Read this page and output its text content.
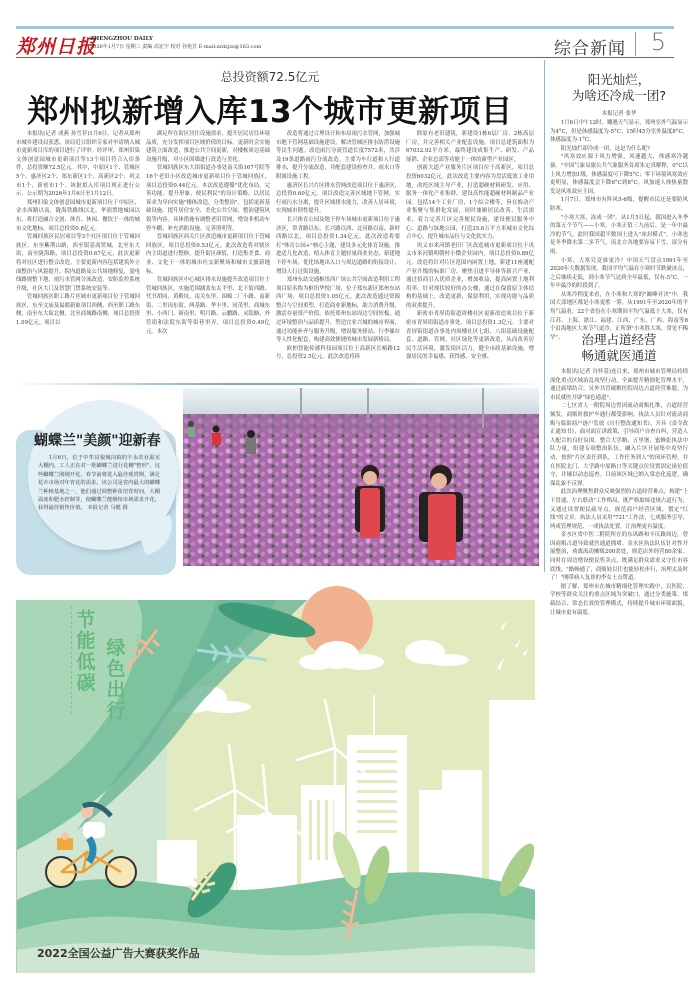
郑州日报
ZHENGZHOU DAILY
2026年1月7日 星期三 责编 高宏宇 校对 谷艳芳 E-mail:zzdzjzs@163.com	综合新闻 5
总投资额72.5亿元
郑州拟新增入库13个城市更新项目

本报讯(记者 成燕 孙雪菲)1月6日，记者从郑州市城乡建设局获悉，该局近日组织专家对申请纳入城市更新项目库的项目进行了评审。经评审，郑州旧染文体创意园城市更新项目等13个项目符合入库条件，总投资额72.5亿元。其中，中原区1个、管城区5个、惠济区2个、郑东新区1个、高新区2个、巩义市1个、新密市1个。该批拟入库项目现正进行公示，公示期为2026年1月6日至1月12日。

郑州旧染文体创意园城市更新项目位于中原区，金水西路以南，陇海铁路线以北，华润置地城园以东。将打造融合文创、体育、休闲、餐饮于一体的城市文化地标，项目总投资0.8亿元。

管城回族区民居项目等3个社区项目位于管城回族区，东至紫荆山路，西至银基商贸城，北至东大街，南至陇海路，项目总投资0.67亿元。此次更新将对社区进行整合改造。主要更新内容包括建筑外立面整治与风貌提升，院内道路及公共场地修复，弱电线路规整下地，雨污水管网分流改造，安防监控系统升级，社区大门及智慧门禁系统安装等。

管城回族区职工路片区城市更新项目位于管城回族区，东至文庙及福都新象项目西侧，西至职工路东侧，南至东大街北侧，北至商城路南侧，项目总投资1.09亿元。项目以

满足所在街区居住设施需求，提升居民居住环境品质，充分发挥项目区域价值的目标。更新时会实施建筑立面改造，推进公共空间更新，对楼栋周边基础设施升级，对小区围墙进行改造与美化。

管城回族区东大街街道办事处南关街167号院等16个老旧小区改造城市更新项目位于管城回族区，项目总投资0.44亿元。本次改造遵循"优化布局、完善功能、提升形象、便民利民"的设计策略，以居民诉求为导向实施"楼体改造、分类整治"。包括更新基础设施、提升居住安全、美化公共空间、整治建筑风貌等内容。具体措施有调整老旧管网，增设非机动车停车棚、补充消防设施、完善照明等。

管城回族区西关片区改造城市更新项目位于管城回族区，项目总投资0.53亿元。此次改造将对辖区内主街道进行整修，提升街区颜值，打造集美食、商业、文化于一体的城市社交新聚场和城市文旅新地标。

管城回族区中心城区排水设施提升改造项目位于管城回族区，实施范围涵盖东太平里、北下街西路、代书胡同、黄殿坑、南关东里、围棉二厂小路、南新街、二里岗东街、两基路、华丰里、同茂里、商城东里、小西门、新南里、明月路、云鹏路、灵隐路、外管街和法院东街等街巷里弄，项目总投资0.49亿元。本次

改造将通过合理设计和布局雨污水管网，加强城市地下管网基础设施建设，解决管城区排水防涝设施等民生问题。改造雨污分流管道长度7572米，共涉及19条道路雨污分流改造。主要为车行道和人行道排水，提升分流改造，并配套建设检查井、雨水口等附属设施工程。

惠济区长兴片区排水管网改造项目位于惠济区，总投资0.60亿元。项目改造完善区域地下管网，实行雨污水分离，提升区域排水能力，改善人居环境，实现城市韧性提升。

长兴体育公园及地下停车场城市更新项目位于惠济区，常青路以东、长兴路以西、北河路以南、新村西路以北，项目总投资1.34亿元。此次改造将要打"体育公园+"核心主题，建设多元化体育设施，推进适儿化改造，植入体育主题轻量商业业态，新建地下停车场，优化场地出入口与周边道路的衔接设计，增设人行过街设施。

郑州东站交通枢纽西广场公共空间改造利用工程项目原名称为枢纽华悦广场，位于郑东新区郑州东站西广场，项目总投资1.05亿元。此次改造通过资源整合与空间重塑，打造商业新地标，助力消费升级，激活存量资产价值，依托郑州东站周边空间短板，通过环境整治与品质提升，塑造宜业兴城的城市界面，通过功能补齐与服务升级，增设服务驿站、行李储存等人性化配套，构建高效便捷的城市发展新格局。

欧柏智能传感科技园项目位于高新区长椿路12号，总投资2.5亿元。此次改造将拆

除原有老旧建筑，新建设1栋6层厂房、2栋高层厂房，并完善相关产业配套设施，项目总建筑面积为67032.92平方米。最终建设成集生产、研发、产品展销、企业总部等功能于一体的新型产业园区。

创新大道产业服务片区项目位于高新区，项目总投资6032亿元。此次改造主要内容为盘活低效工业用地，改托区域主导产业，打造超硬材料研发、应用、服务一体化产业集群，建设高性能超硬材料制品产业园。包括14个工业厂房、1个综合楼等，旨在推动产业集聚与集群化发展，同时兼顾居民改善、生活需求，着力完善片区完善便民设施，建设便民服务中心、道路与绿地公园，打造35.6万平方米城市文化综合中心，提升城市品位与文化软实力。

巩义市米河镇老旧厂区改造城市更新项目位于巩义市米河镇明朝村小微企业园内，项目总投资0.89亿元。改造将针对片区范围内闲置土地，新建11座通配产业升级的标准厂房，聚焦引进半导体等新兴产业，通过招商引入优质企业，增加收益，提高闲置土地利用率。针对现状较好的办公楼，通过在保留原主体结构的基础上，改造更新，保留利用，实现功能与品质的双重提升。

新密市青屏街街道周楼社区更新改造项目位于新密市青屏街街道办事处，项目总投资1.3亿元。主要对青屏街街道办事处内周楼社区七组、八组基础设施配套、道路、管网、社区绿化等更新改造，从而改善居民生活环境，激发街区活力，健全市政基础设施，增强居民的幸福感、获得感、安全感。

阳光灿烂，
为啥还冷成一团?
本报记者 张华

1月6日中午12时，雕遇天气显示，郑州室外气温显示为4°C，但是体感温度为-5°C；15时45分室外温度8°C，体感温度为-1°C。

阳光灿烂却冷成一团，这是为什么呢?

"风寒效应源于风力增强，风速越大，体感寒冷越强。"中国气象局旅公共气象服务首席朱定真解释，0°C以上风力增加1级，体感温度可下降5°C；零下环境风寒效应更明显，体感温度会下降6°C到8°C。风加速人体热量散发是风寒效应主因。

1月7日，郑州市有阵风5-6级，提醒市民还是要防风防寒。

"小寒大寒，冻成一团"。从1月5日起，我国进入冬季的第五个节气——小寒。小寒正值三九前后，是一年中最冷的节气，此时我国超半数国土进入"冰封模式"。小寒也是冬季降水第二多节气，南北方各地要容易下雪，部分有雨。

小寒、大寒究竟谁更冷？中国天气盘点1991年至2020年大数据发现，我国平均气温在小寒时节跌破冰点，之后继续走低，到小寒节气达到全年最低，仅有-5°C，一年中最冷的时段到了。

从寒冷程度来看，在小寒和大寒的"巅峰对决"中，我国大部地区都是小寒更胜一筹。从1991年至2020年的平均气温看，22个省份在小寒期间平均气温低于大寒，仅有江苏、上海、浙江、福建、江西、广东、广西、海南等8个沿海地区大寒节气更冷，正所谓"小寒胜大寒，常见不稀罕"。	治理占道经营
畅通就医通道

本报讯(记者 谷怀基)连日来，郑州市城市管理局持续深化重点区域治乱攻坚行动，全面提升精细化管理水平，通过疏堵结合，另外共管破解医院周边占道经营难题，为市民就医开辟"绿色通道"。

二七区省人一附院周边曾因流动商贩扎堆，占道经营频发，商贩时救护车通行都受影响。执法人员针对流动商贩与临街商户逐户发放《自行整改通知书》，开具《责令改正通知书》，面对面宣讲政策，引导商户自查自纠，营造人人配合的良好氛围。整合大学路、五里堡、蜜蜂张执法中队力量，组建专项整治队伍，融入片区开展集中攻坚行动，按照"片区责任到队，工作任务到人"的闭环管理，并在医院北门、大学路中原路口等关键点位设置固定岗位值守，并辅以动态巡查。目前该区域已纳入常态化巡逻，确保乱象不反弹。

此次治理聚焦群众反映强烈的占道经营难点，构建"上下贯通、左右联动"工作格局，既严格取缔违规占道行为，又通过设置便民疏导点，规范商户经营区域，划定"红线"的文章。执法人员采用"721"工作法，七成服务引导、两成管理规范、一成执法处置，让治理更有温度。

金水区省中医二附院所在的东风路和丰庆路周边，曾因商贩占道导致就医通道拥堵。金水区执法队伍针对性开展整治，劝离流动摊贩200余处，规范店外经营80余家。同时在周边增设便民售卖点，既满足群众需求又守住市容底线。"路畅通了，商贩较以往也能轻松步行，治理太及时了！"刚带病人复诊的李女士点赞道。

据了解，郑州市在城市精细化管理实践中，以医院、学校等群众关注的重点区域为突破口，通过分类施策、堵疏结合、常态长效的管理模式，持续提升城市环境面貌，让城市更有温度。

蝴蝶兰"美颜"迎新春
1月6日，位于中牟县狼城岗镇的丰永农业温室大棚内，工人正在对一批蝴蝶兰进行花穗"整形"，这些蝴蝶兰刚刚开花，春节前将进入最佳观赏期，满足花卉市场对年宵花的需求。该公司是省内最大的蝴蝶兰种植基地之一，他们通过调整种苗培育时间，大棚温度和肥水控制等，使蝴蝶兰能够按市场需求开花，获得最佳销售价值。 本报记者 马健 摄
节
能
低
碳
绿
色
出
行
2022全国公益广告大赛获奖作品
